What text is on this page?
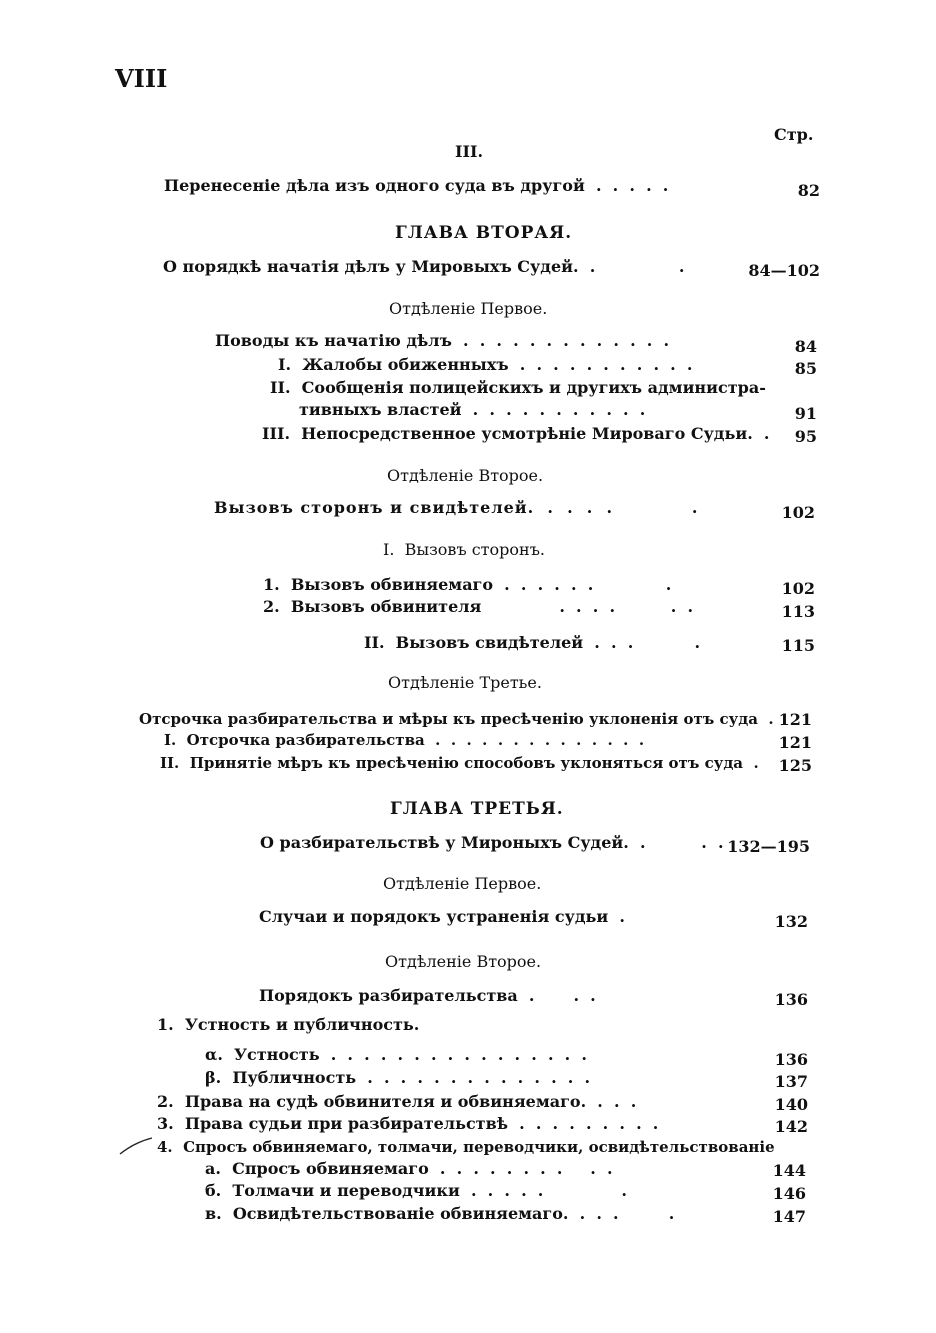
VIII
Стр.
III.
Перенесеніе дѣла изъ одного суда въ другой  .  .  .  .  .	82
ГЛАВА ВТОРАЯ.
О порядкѣ начатія дѣлъ у Мировыхъ Судей.  .               .	84—102
Отдѣленіе Первое.
Поводы къ начатію дѣлъ  .  .  .  .  .  .  .  .  .  .  .  .  .	84
I.  Жалобы обиженныхъ  .  .  .  .  .  .  .  .  .  .  .	85
II.  Сообщенія полицейскихъ и другихъ администра-
тивныхъ властей  .  .  .  .  .  .  .  .  .  .  .	91
III.  Непосредственное усмотрѣніе Мироваго Судьи.  .	95
Отдѣленіе Второе.
Вызовъ сторонъ и свидѣтелей.  .  .  .  .            .	102
I.  Вызовъ сторонъ.
1.  Вызовъ обвиняемаго  .  .  .  .  .  .             .	102
2.  Вызовъ обвинителя              .  .  .  .          .  .	113
II.  Вызовъ свидѣтелей  .  .  .           .	115
Отдѣленіе Третье.
Отсрочка разбирательства и мѣры къ пресѣченію уклоненія отъ суда  . 121
I.  Отсрочка разбирательства  .  .  .  .  .  .  .  .  .  .  .  .  .  .	121
II.  Принятіе мѣръ къ пресѣченію способовъ уклоняться отъ суда  .	125
ГЛАВА ТРЕТЬЯ.
О разбирательствѣ у Мироныхъ Судей.  .          .  . 132—195
Отдѣленіе Первое.
Случаи и порядокъ устраненія судьи  .	132
Отдѣленіе Второе.
Порядокъ разбирательства  .       .  .	136
1.  Устность и публичность.
α.  Устность  .  .  .  .  .  .  .  .  .  .  .  .  .  .  .  .	136
β.  Публичность  .  .  .  .  .  .  .  .  .  .  .  .  .  .	137
2.  Права на судѣ обвинителя и обвиняемаго.  .  .  .	140
3.  Права судьи при разбирательствѣ  .  .  .  .  .  .  .  .  .	142
4.  Спросъ обвиняемаго, толмачи, переводчики, освидѣтельствованіе
а.  Спросъ обвиняемаго  .  .  .  .  .  .  .  .     .  .	144
б.  Толмачи и переводчики  .  .  .  .  .              .	146
в.  Освидѣтельствованіе обвиняемаго.  .  .  .         .	147
